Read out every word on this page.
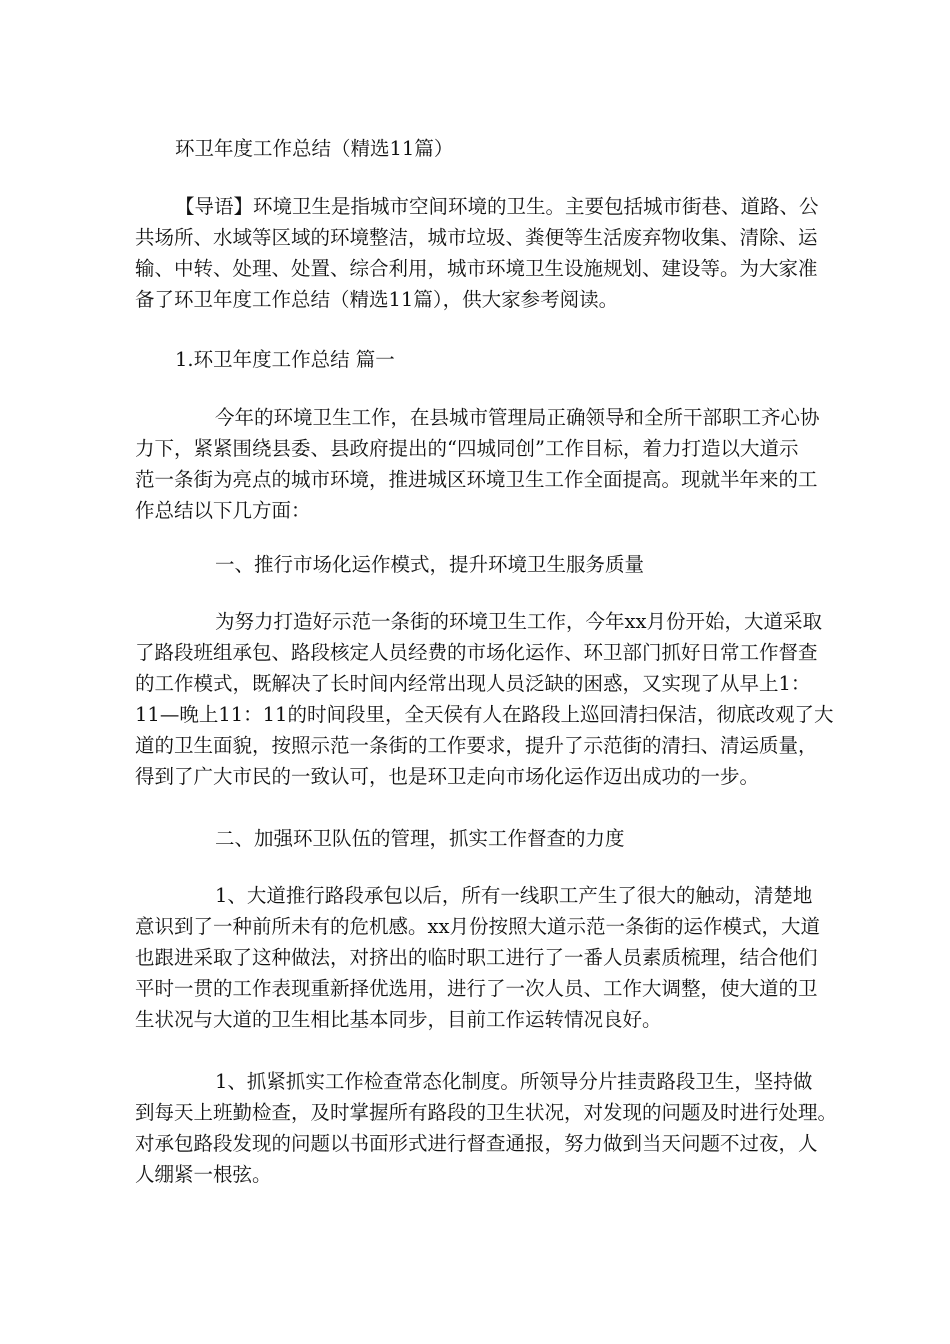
环卫年度工作总结（精选11篇）

【导语】环境卫生是指城市空间环境的卫生。主要包括城市街巷、道路、公
共场所、水域等区域的环境整洁，城市垃圾、粪便等生活废弃物收集、清除、运
输、中转、处理、处置、综合利用，城市环境卫生设施规划、建设等。为大家准
备了环卫年度工作总结（精选11篇），供大家参考阅读。

1.环卫年度工作总结 篇一

今年的环境卫生工作，在县城市管理局正确领导和全所干部职工齐心协
力下，紧紧围绕县委、县政府提出的“四城同创”工作目标，着力打造以大道示
范一条街为亮点的城市环境，推进城区环境卫生工作全面提高。现就半年来的工
作总结以下几方面：

一、推行市场化运作模式，提升环境卫生服务质量

为努力打造好示范一条街的环境卫生工作，今年xx月份开始，大道采取
了路段班组承包、路段核定人员经费的市场化运作、环卫部门抓好日常工作督查
的工作模式，既解决了长时间内经常出现人员泛缺的困惑，又实现了从早上1：
11—晚上11：11的时间段里，全天侯有人在路段上巡回清扫保洁，彻底改观了大
道的卫生面貌，按照示范一条街的工作要求，提升了示范街的清扫、清运质量，
得到了广大市民的一致认可，也是环卫走向市场化运作迈出成功的一步。

二、加强环卫队伍的管理，抓实工作督查的力度

1、大道推行路段承包以后，所有一线职工产生了很大的触动，清楚地
意识到了一种前所未有的危机感。xx月份按照大道示范一条街的运作模式，大道
也跟进采取了这种做法，对挤出的临时职工进行了一番人员素质梳理，结合他们
平时一贯的工作表现重新择优选用，进行了一次人员、工作大调整，使大道的卫
生状况与大道的卫生相比基本同步，目前工作运转情况良好。

1、抓紧抓实工作检查常态化制度。所领导分片挂责路段卫生，坚持做
到每天上班勤检查，及时掌握所有路段的卫生状况，对发现的问题及时进行处理。
对承包路段发现的问题以书面形式进行督查通报，努力做到当天问题不过夜，人
人绷紧一根弦。
